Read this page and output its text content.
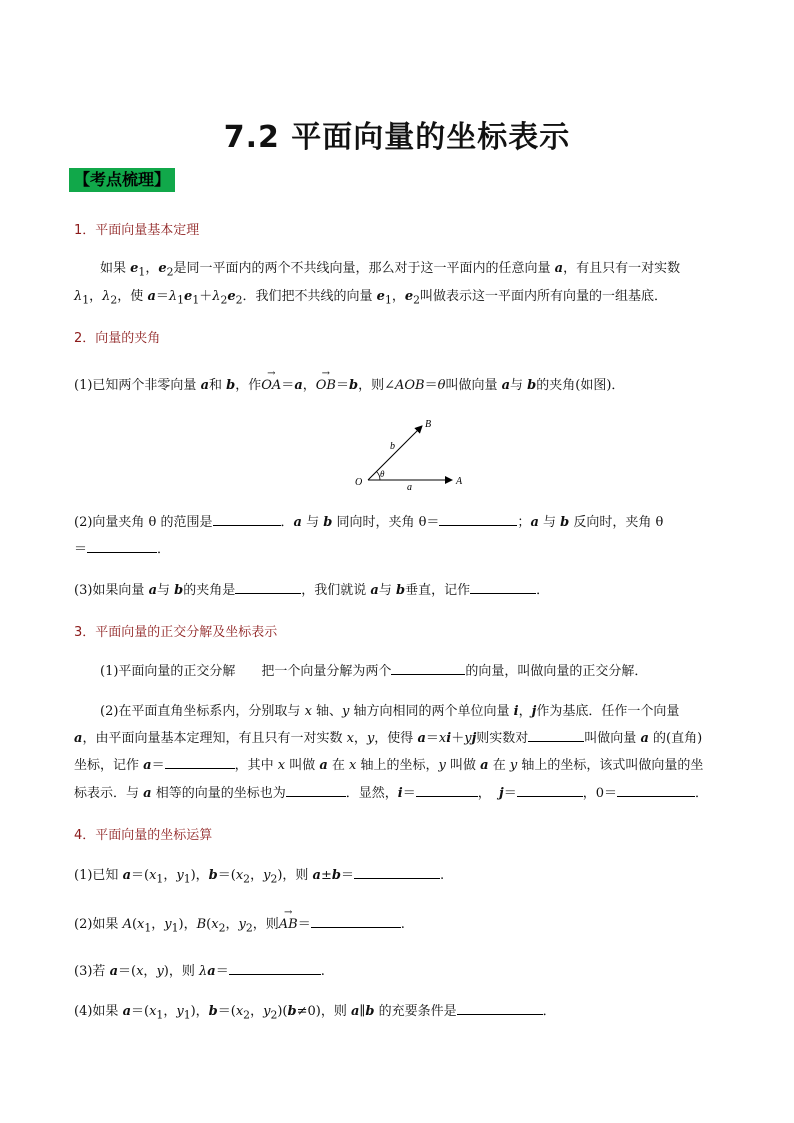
7.2 平面向量的坐标表示
【考点梳理】
1．平面向量基本定理
如果 $e_1$，$e_2$是同一平面内的两个不共线向量，那么对于这一平面内的任意向量 a，有且只有一对实数
$\lambda_1$，$\lambda_2$，使 $a=\lambda_1e_1+\lambda_2e_2$．我们把不共线的向量 $e_1$，$e_2$叫做表示这一平面内所有向量的一组基底．
2．向量的夹角
(1)已知两个非零向量 a和 b，作→ OA＝a，→ OB＝b，则∠AOB＝θ叫做向量 a与 b的夹角(如图)．
O	A
B
a
b
θ
(2)向量夹角 θ 的范围是	．a 与 b 同向时，夹角 θ＝	；a 与 b 反向时，夹角 θ
＝	．
(3)如果向量 a与 b的夹角是	，我们就说 a与 b垂直，记作	．
3．平面向量的正交分解及坐标表示
(1)平面向量的正交分解　　把一个向量分解为两个	的向量，叫做向量的正交分解．
(2)在平面直角坐标系内，分别取与 x 轴、y 轴方向相同的两个单位向量 i，j作为基底．任作一个向量
a，由平面向量基本定理知，有且只有一对实数 x，y，使得 a＝xi＋yj则实数对	叫做向量 a 的(直角)
坐标，记作 a＝	，其中 x 叫做 a 在 x 轴上的坐标，y 叫做 a 在 y 轴上的坐标，该式叫做向量的坐
标表示．与 a 相等的向量的坐标也为	．显然，i＝	， j＝	，0＝	．
4．平面向量的坐标运算
(1)已知 $a=(x_1$，$y_1$)，$b=(x_2$，$y_2$)，则 a±b＝	.
(2)如果 $A(x_1$，$y_1$)，$B(x_2$，$y_2$，则→ AB＝	.
(3)若 a＝(x，y)，则 λa＝	.
(4)如果 $a=(x_1$，$y_1$)，$b=(x_2$，$y_2)(b\ne 0)$，则 a∥b 的充要条件是	．
